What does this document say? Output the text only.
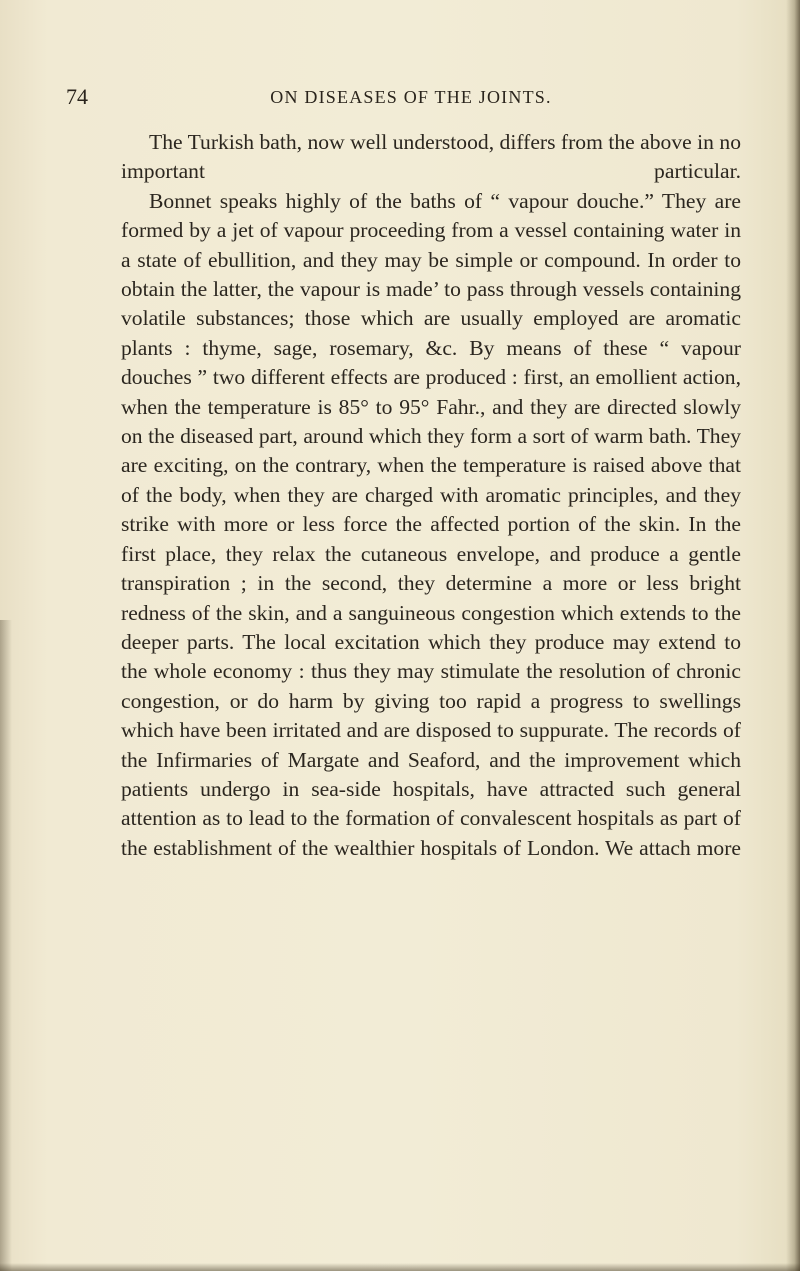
74	ON DISEASES OF THE JOINTS.

The Turkish bath, now well understood, differs from the above in no important particular.

Bonnet speaks highly of the baths of “ vapour douche.” They are formed by a jet of vapour proceeding from a vessel containing water in a state of ebullition, and they may be simple or compound. In order to obtain the latter, the vapour is made’ to pass through vessels containing volatile substances; those which are usually employed are aromatic plants : thyme, sage, rosemary, &c. By means of these “ vapour douches ” two different effects are produced : first, an emollient action, when the temperature is 85° to 95° Fahr., and they are directed slowly on the diseased part, around which they form a sort of warm bath. They are exciting, on the contrary, when the temperature is raised above that of the body, when they are charged with aromatic principles, and they strike with more or less force the affected portion of the skin. In the first place, they relax the cutaneous envelope, and produce a gentle transpiration ; in the second, they determine a more or less bright redness of the skin, and a sanguineous congestion which extends to the deeper parts. The local excitation which they produce may extend to the whole economy : thus they may stimulate the resolution of chronic congestion, or do harm by giving too rapid a progress to swellings which have been irritated and are disposed to suppurate. The records of the Infirmaries of Margate and Seaford, and the improvement which patients undergo in sea-side hospitals, have attracted such general attention as to lead to the formation of convalescent hospitals as part of the establishment of the wealthier hospitals of London. We attach more
